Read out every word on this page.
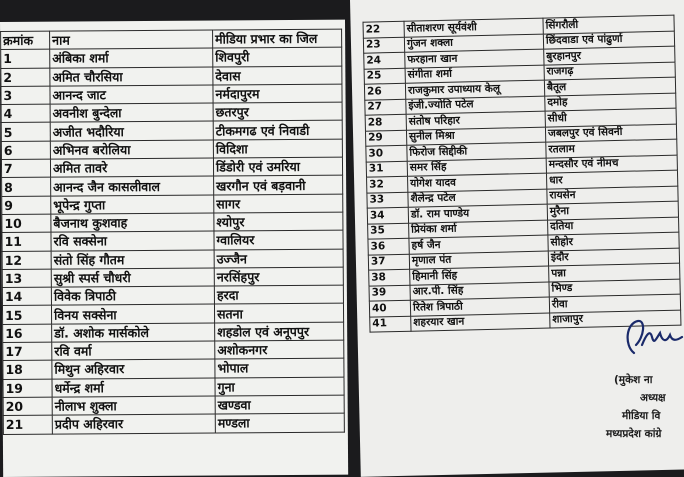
क्रमांक	नाम	मीडिया प्रभार का जिल
1	अंबिका शर्मा	शिवपुरी
2	अमित चौरसिया	देवास
3	आनन्द जाट	नर्मदापुरम
4	अवनीश बुन्देला	छतरपुर
5	अजीत भदौरिया	टीकमगढ एवं निवाडी
6	अभिनव बरोलिया	विदिशा
7	अमित तावरे	डिंडोरी एवं उमरिया
8	आनन्द जैन कासलीवाल	खरगौन एवं बड़वानी
9	भूपेन्द्र गुप्ता	सागर
10	बैजनाथ कुशवाह	श्योपुर
11	रवि सक्सेना	ग्वालियर
12	संतो सिंह गौतम	उज्जैन
13	सुश्री स्पर्स चौधरी	नरसिंहपुर
14	विवेक त्रिपाठी	हरदा
15	विनय सक्सेना	सतना
16	डॉ. अशोक मार्सकोले	शहडोल एवं अनूपपुर
17	रवि वर्मा	अशोकनगर
18	मिथुन अहिरवार	भोपाल
19	धर्मेन्द्र शर्मा	गुना
20	नीलाभ शुक्ला	खण्डवा
21	प्रदीप अहिरवार	मण्डला
22	सीताशरण सूर्यवंशी	सिंगरौली
23	गुंजन शक्ला	छिंदवाडा एवं पांढुर्णा
24	फरहाना खान	बुरहानपुर
25	संगीता शर्मा	राजगढ़
26	राजकुमार उपाध्याय केलू	बैतूल
27	इंजी.ज्योति पटेल	दमोह
28	संतोष परिहार	सीधी
29	सुनील मिश्रा	जबलपुर एवं सिवनी
30	फिरोज सिद्दीकी	रतलाम
31	समर सिंह	मन्दसौर एवं नीमच
32	योगेश यादव	धार
33	शैलेन्द्र पटेल	रायसेन
34	डॉ. राम पाण्डेय	मुरैना
35	प्रियंका शर्मा	दतिया
36	हर्ष जैन	सीहोर
37	मृणाल पंत	इंदौर
38	हिमानी सिंह	पन्ना
39	आर.पी. सिंह	भिण्ड
40	रितेश त्रिपाठी	रीवा
41	शहरयार खान	शाजापुर
(मुकेश ना
अध्यक्ष
मीडिया वि
मध्यप्रदेश कांग्रे
